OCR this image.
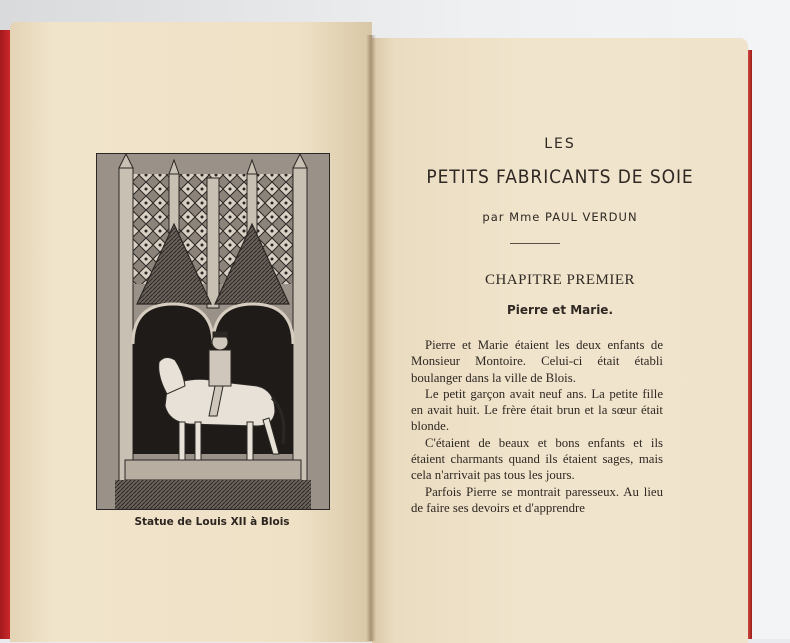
Statue de Louis XII à Blois
LES
PETITS FABRICANTS DE SOIE
par Mme PAUL VERDUN
CHAPITRE PREMIER
Pierre et Marie.

Pierre et Marie étaient les deux enfants de Monsieur Montoire. Celui-ci était établi boulanger dans la ville de Blois.

Le petit garçon avait neuf ans. La petite fille en avait huit. Le frère était brun et la sœur était blonde.

C'étaient de beaux et bons enfants et ils étaient charmants quand ils étaient sages, mais cela n'arrivait pas tous les jours.

Parfois Pierre se montrait paresseux. Au lieu de faire ses devoirs et d'apprendre
